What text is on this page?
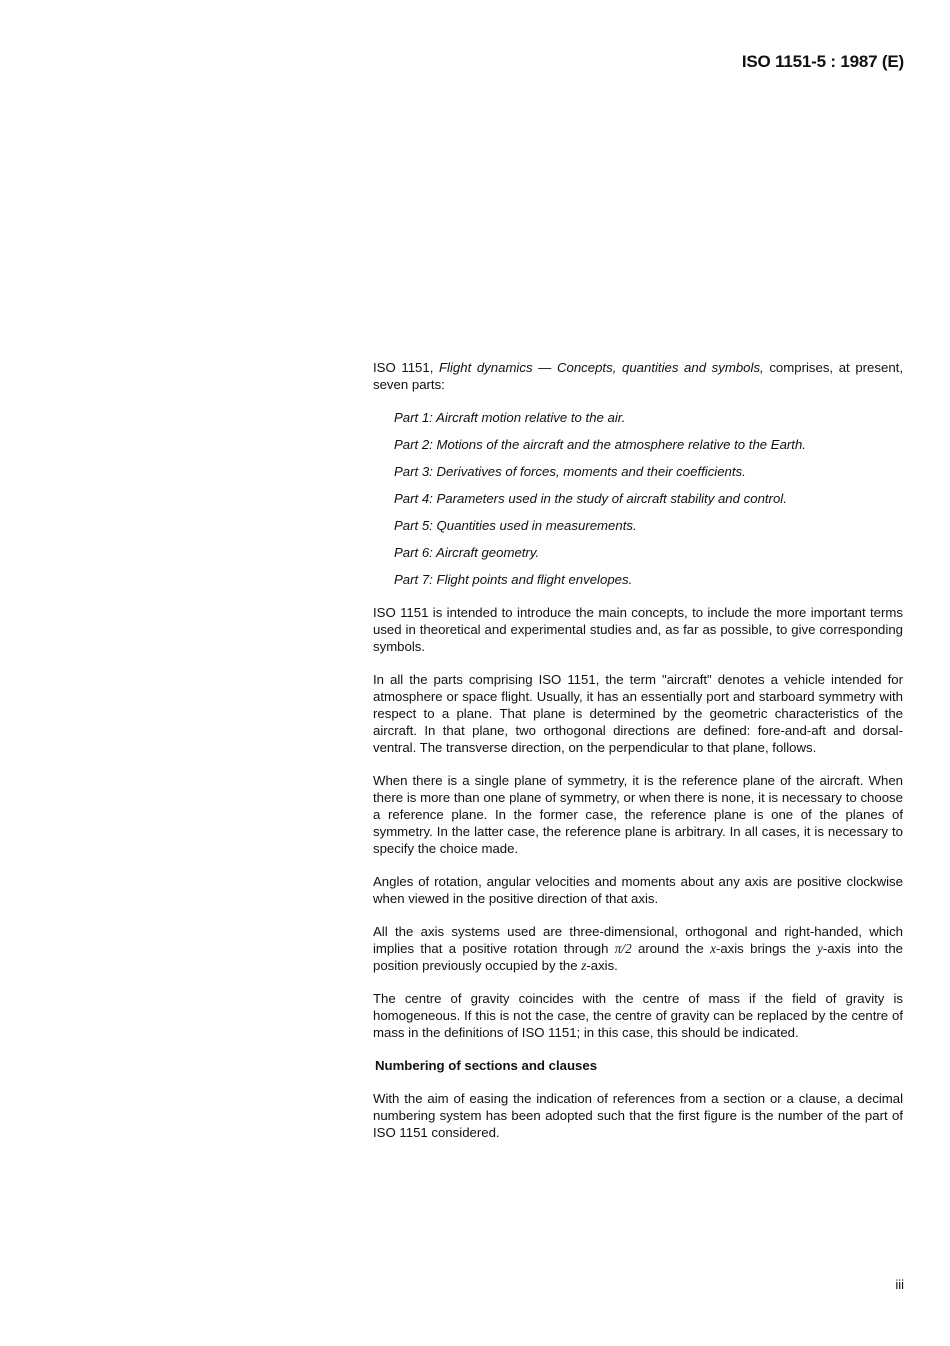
ISO 1151-5 : 1987 (E)

ISO 1151, Flight dynamics — Concepts, quantities and symbols, comprises, at present, seven parts:

Part 1: Aircraft motion relative to the air.
Part 2: Motions of the aircraft and the atmosphere relative to the Earth.
Part 3: Derivatives of forces, moments and their coefficients.
Part 4: Parameters used in the study of aircraft stability and control.
Part 5: Quantities used in measurements.
Part 6: Aircraft geometry.
Part 7: Flight points and flight envelopes.

ISO 1151 is intended to introduce the main concepts, to include the more important terms used in theoretical and experimental studies and, as far as possible, to give corresponding symbols.

In all the parts comprising ISO 1151, the term "aircraft" denotes a vehicle intended for atmosphere or space flight. Usually, it has an essentially port and starboard symmetry with respect to a plane. That plane is determined by the geometric characteristics of the aircraft. In that plane, two orthogonal directions are defined: fore-and-aft and dorsal-ventral. The transverse direction, on the perpendicular to that plane, follows.

When there is a single plane of symmetry, it is the reference plane of the aircraft. When there is more than one plane of symmetry, or when there is none, it is necessary to choose a reference plane. In the former case, the reference plane is one of the planes of symmetry. In the latter case, the reference plane is arbitrary. In all cases, it is necessary to specify the choice made.

Angles of rotation, angular velocities and moments about any axis are positive clockwise when viewed in the positive direction of that axis.

All the axis systems used are three-dimensional, orthogonal and right-handed, which implies that a positive rotation through π/2 around the x-axis brings the y-axis into the position previously occupied by the z-axis.

The centre of gravity coincides with the centre of mass if the field of gravity is homogeneous. If this is not the case, the centre of gravity can be replaced by the centre of mass in the definitions of ISO 1151; in this case, this should be indicated.

Numbering of sections and clauses

With the aim of easing the indication of references from a section or a clause, a decimal numbering system has been adopted such that the first figure is the number of the part of ISO 1151 considered.

iii
